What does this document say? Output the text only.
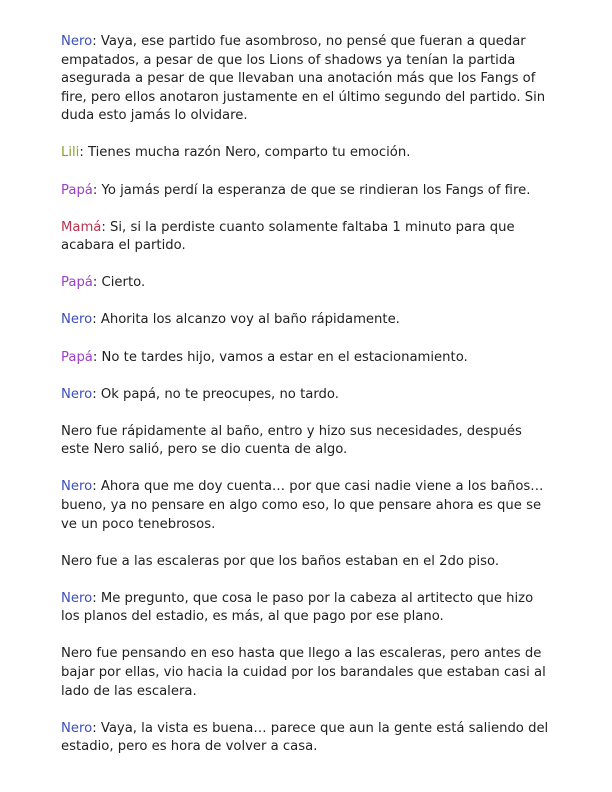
Nero: Vaya, ese partido fue asombroso, no pensé que fueran a quedar empatados, a pesar de que los Lions of shadows ya tenían la partida asegurada a pesar de que llevaban una anotación más que los Fangs of fire, pero ellos anotaron justamente en el último segundo del partido. Sin duda esto jamás lo olvidare.

Lili: Tienes mucha razón Nero, comparto tu emoción.

Papá: Yo jamás perdí la esperanza de que se rindieran los Fangs of fire.

Mamá: Si, si la perdiste cuanto solamente faltaba 1 minuto para que acabara el partido.

Papá: Cierto.

Nero: Ahorita los alcanzo voy al baño rápidamente.

Papá: No te tardes hijo, vamos a estar en el estacionamiento.

Nero: Ok papá, no te preocupes, no tardo.

Nero fue rápidamente al baño, entro y hizo sus necesidades, después este Nero salió, pero se dio cuenta de algo.

Nero: Ahora que me doy cuenta… por que casi nadie viene a los baños… bueno, ya no pensare en algo como eso, lo que pensare ahora es que se ve un poco tenebrosos.

Nero fue a las escaleras por que los baños estaban en el 2do piso.

Nero: Me pregunto, que cosa le paso por la cabeza al artitecto que hizo los planos del estadio, es más, al que pago por ese plano.

Nero fue pensando en eso hasta que llego a las escaleras, pero antes de bajar por ellas, vio hacia la cuidad por los barandales que estaban casi al lado de las escalera.

Nero: Vaya, la vista es buena… parece que aun la gente está saliendo del estadio, pero es hora de volver a casa.
